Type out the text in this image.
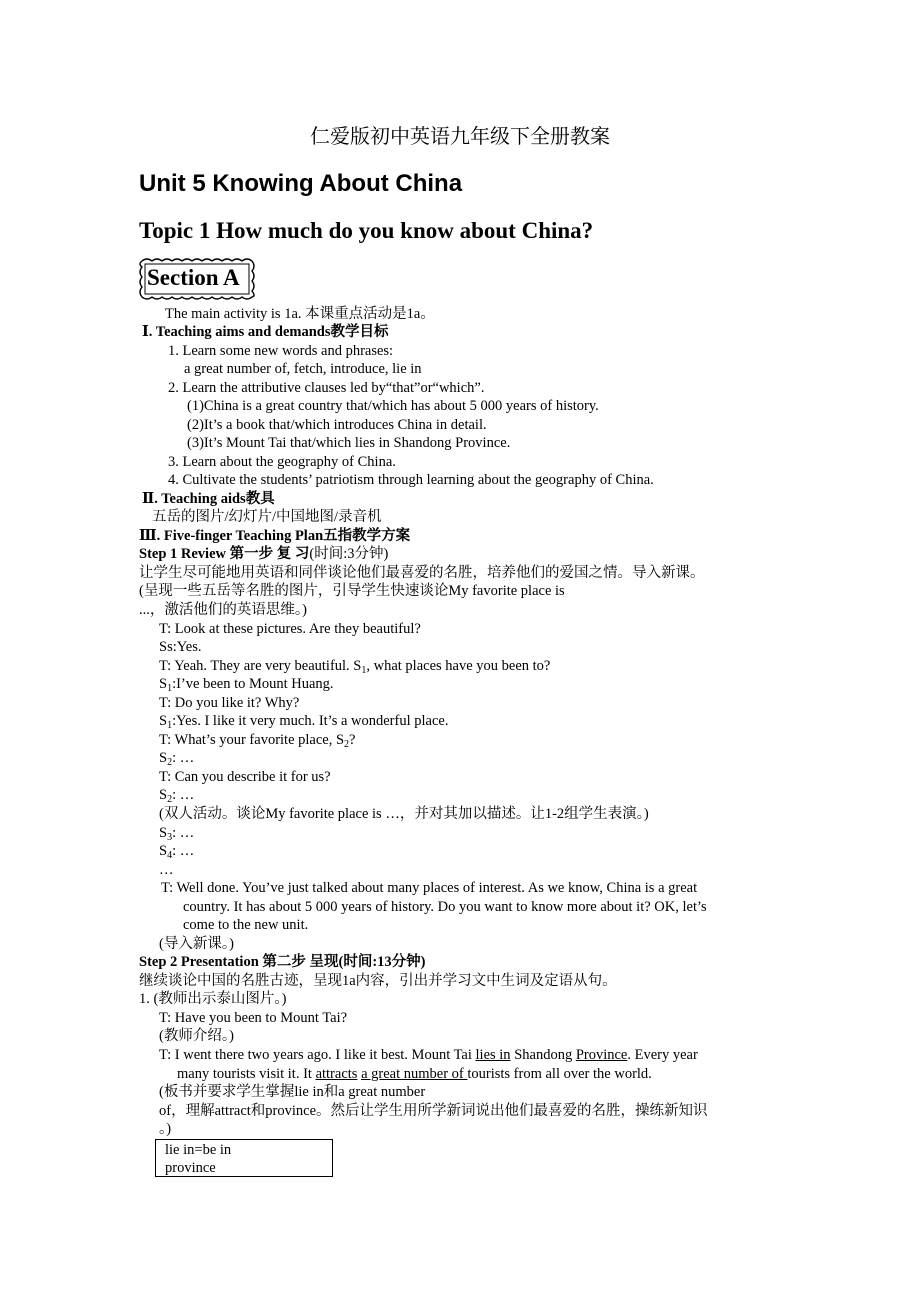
仁爱版初中英语九年级下全册教案
Unit 5 Knowing About China
Topic 1 How much do you know about China?
Section A
The main activity is 1a. 本课重点活动是1a。
Ⅰ. Teaching aims and demands教学目标
1. Learn some new words and phrases:
a great number of, fetch, introduce, lie in
2. Learn the attributive clauses led by“that”or“which”.
(1)China is a great country that/which has about 5 000 years of history.
(2)It’s a book that/which introduces China in detail.
(3)It’s Mount Tai that/which lies in Shandong Province.
3. Learn about the geography of China.
4. Cultivate the students’ patriotism through learning about the geography of China.
Ⅱ. Teaching aids教具
五岳的图片/幻灯片/中国地图/录音机
Ⅲ. Five-finger Teaching Plan五指教学方案
Step 1 Review 第一步 复 习(时间:3分钟)
让学生尽可能地用英语和同伴谈论他们最喜爱的名胜，培养他们的爱国之情。导入新课。
(呈现一些五岳等名胜的图片，引导学生快速谈论My favorite place is
...，激活他们的英语思维。)
T: Look at these pictures. Are they beautiful?
Ss:Yes.
T: Yeah. They are very beautiful. $S_1$, what places have you been to?
$S_1:I’ve$ been to Mount Huang.
T: Do you like it? Why?
$S_1:Yes$. I like it very much. It’s a wonderful place.
T: What’s your favorite place, $S_2$?
$S_2$: …
T: Can you describe it for us?
$S_2$: …
(双人活动。谈论My favorite place is …，并对其加以描述。让1-2组学生表演。)
$S_3$: …
$S_4$: …
…
T: Well done. You’ve just talked about many places of interest. As we know, China is a great
country. It has about 5 000 years of history. Do you want to know more about it? OK, let’s
come to the new unit.
(导入新课。)
Step 2 Presentation 第二步 呈现(时间:13分钟)
继续谈论中国的名胜古迹，呈现1a内容，引出并学习文中生词及定语从句。
1. (教师出示泰山图片。)
T: Have you been to Mount Tai?
(教师介绍。)
T: I went there two years ago. I like it best. Mount Tai lies in Shandong Province. Every year
many tourists visit it. It attracts a great number of tourists from all over the world.
(板书并要求学生掌握lie in和a great number
of，理解attract和province。然后让学生用所学新词说出他们最喜爱的名胜，操练新知识
。)
lie in=be in
province
